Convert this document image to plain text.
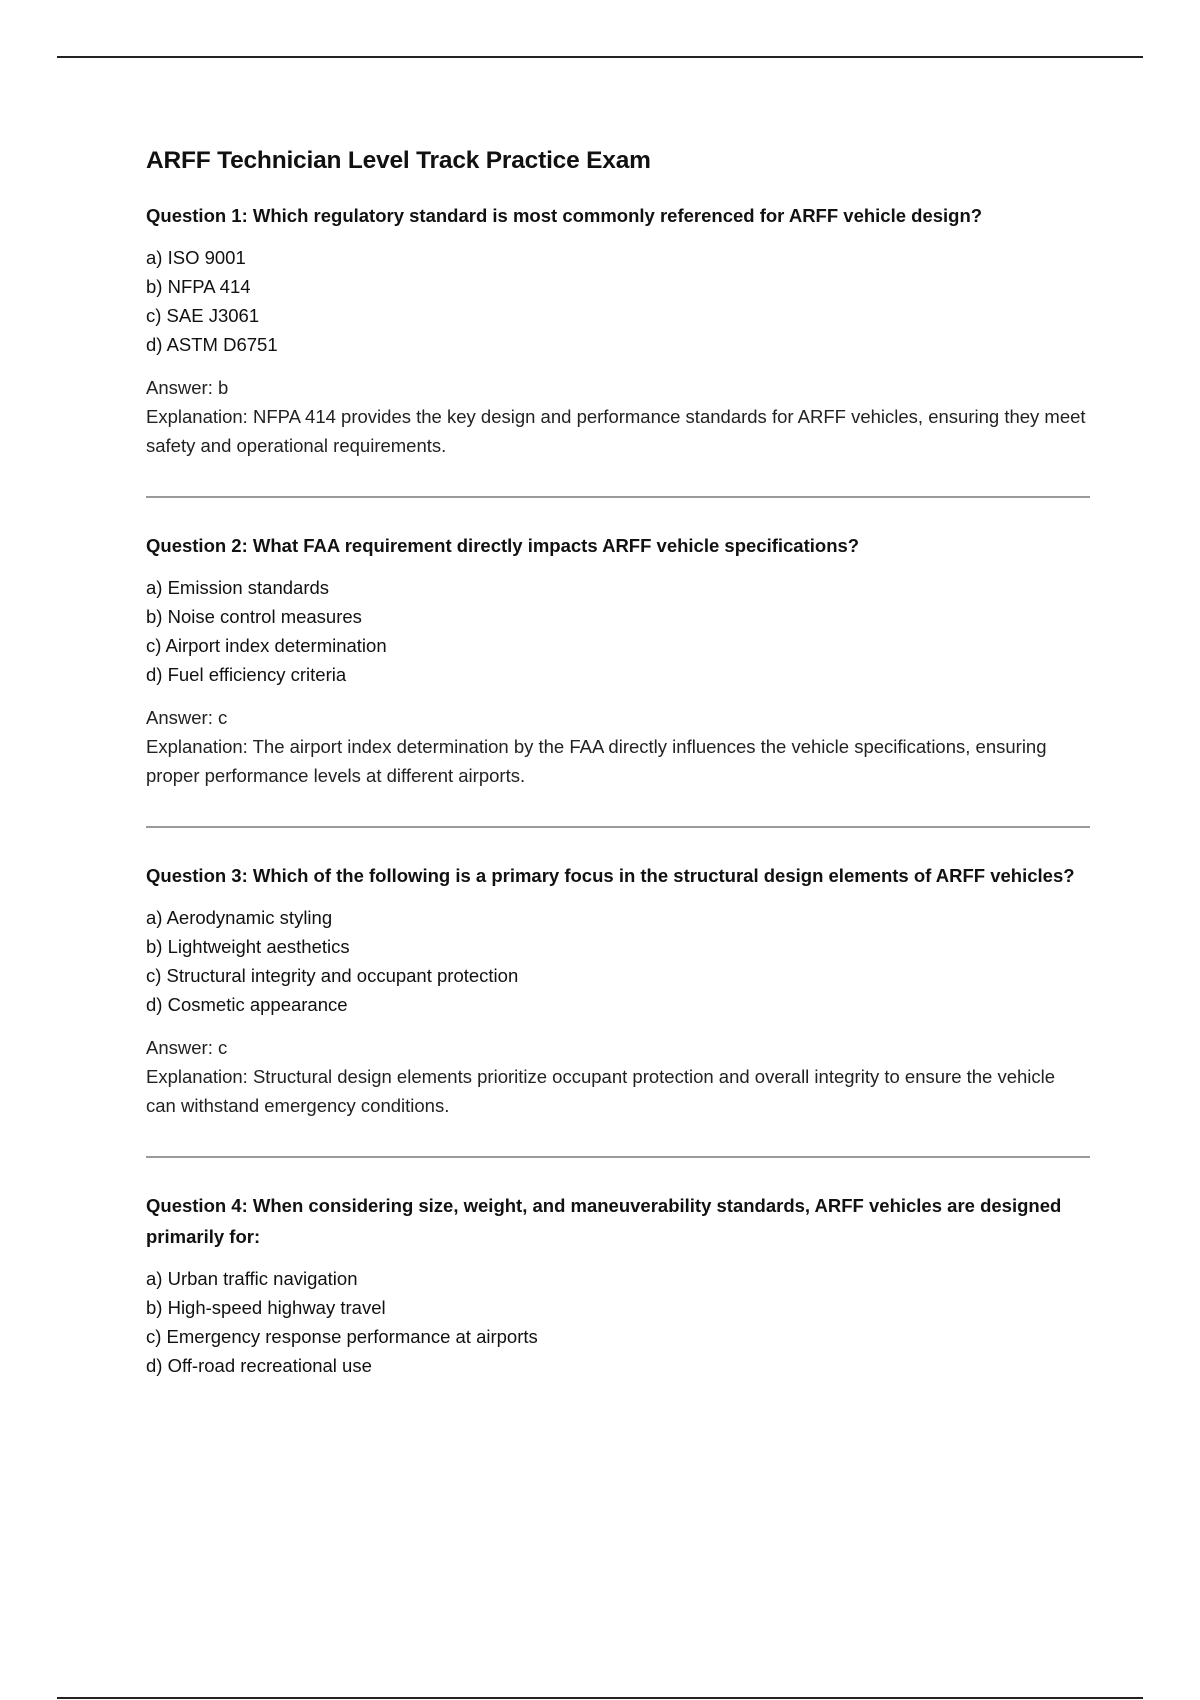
ARFF Technician Level Track Practice Exam
Question 1: Which regulatory standard is most commonly referenced for ARFF vehicle design?
a) ISO 9001
b) NFPA 414
c) SAE J3061
d) ASTM D6751
Answer: b
Explanation: NFPA 414 provides the key design and performance standards for ARFF vehicles, ensuring they meet safety and operational requirements.
Question 2: What FAA requirement directly impacts ARFF vehicle specifications?
a) Emission standards
b) Noise control measures
c) Airport index determination
d) Fuel efficiency criteria
Answer: c
Explanation: The airport index determination by the FAA directly influences the vehicle specifications, ensuring proper performance levels at different airports.
Question 3: Which of the following is a primary focus in the structural design elements of ARFF vehicles?
a) Aerodynamic styling
b) Lightweight aesthetics
c) Structural integrity and occupant protection
d) Cosmetic appearance
Answer: c
Explanation: Structural design elements prioritize occupant protection and overall integrity to ensure the vehicle can withstand emergency conditions.
Question 4: When considering size, weight, and maneuverability standards, ARFF vehicles are designed primarily for:
a) Urban traffic navigation
b) High-speed highway travel
c) Emergency response performance at airports
d) Off-road recreational use
